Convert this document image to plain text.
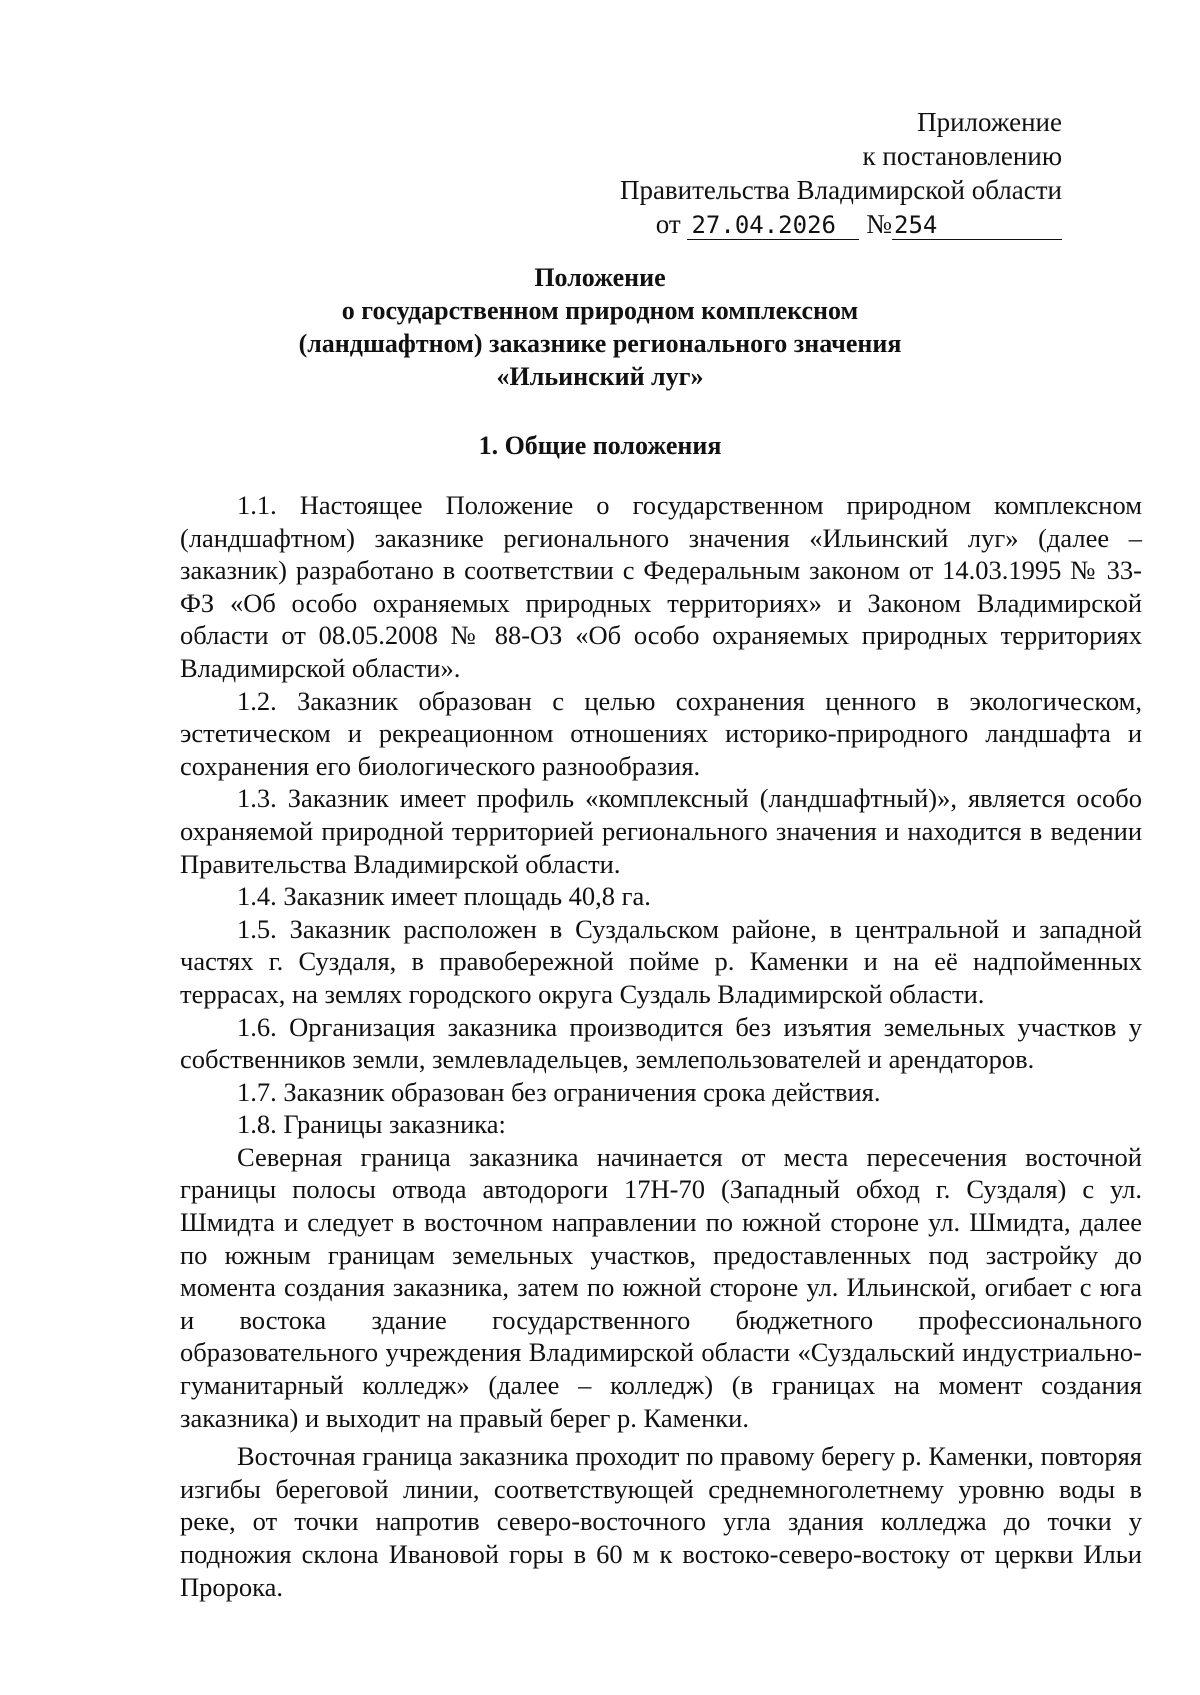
Приложение
к постановлению
Правительства Владимирской области
от 27.04.2026 №254
Положение
о государственном природном комплексном
(ландшафтном) заказнике регионального значения
«Ильинский луг»
1. Общие положения

1.1. Настоящее Положение о государственном природном комплексном (ландшафтном) заказнике регионального значения «Ильинский луг» (далее – заказник) разработано в соответствии с Федеральным законом от 14.03.1995 № 33-ФЗ «Об особо охраняемых природных территориях» и Законом Владимирской области от 08.05.2008 № 88-ОЗ «Об особо охраняемых природных территориях Владимирской области».

1.2. Заказник образован с целью сохранения ценного в экологическом, эстетическом и рекреационном отношениях историко-природного ландшафта и сохранения его биологического разнообразия.

1.3. Заказник имеет профиль «комплексный (ландшафтный)», является особо охраняемой природной территорией регионального значения и находится в ведении Правительства Владимирской области.

1.4. Заказник имеет площадь 40,8 га.

1.5. Заказник расположен в Суздальском районе, в центральной и западной частях г. Суздаля, в правобережной пойме р. Каменки и на её надпойменных террасах, на землях городского округа Суздаль Владимирской области.

1.6. Организация заказника производится без изъятия земельных участков у собственников земли, землевладельцев, землепользователей и арендаторов.

1.7. Заказник образован без ограничения срока действия.

1.8. Границы заказника:

Северная граница заказника начинается от места пересечения восточной границы полосы отвода автодороги 17Н-70 (Западный обход г. Суздаля) с ул. Шмидта и следует в восточном направлении по южной стороне ул. Шмидта, далее по южным границам земельных участков, предоставленных под застройку до момента создания заказника, затем по южной стороне ул. Ильинской, огибает с юга и востока здание государственного бюджетного профессионального образовательного учреждения Владимирской области «Суздальский индустриально-гуманитарный колледж» (далее – колледж) (в границах на момент создания заказника) и выходит на правый берег р. Каменки.

Восточная граница заказника проходит по правому берегу р. Каменки, повторяя изгибы береговой линии, соответствующей среднемноголетнему уровню воды в реке, от точки напротив северо-восточного угла здания колледжа до точки у подножия склона Ивановой горы в 60 м к востоко-северо-востоку от церкви Ильи Пророка.
